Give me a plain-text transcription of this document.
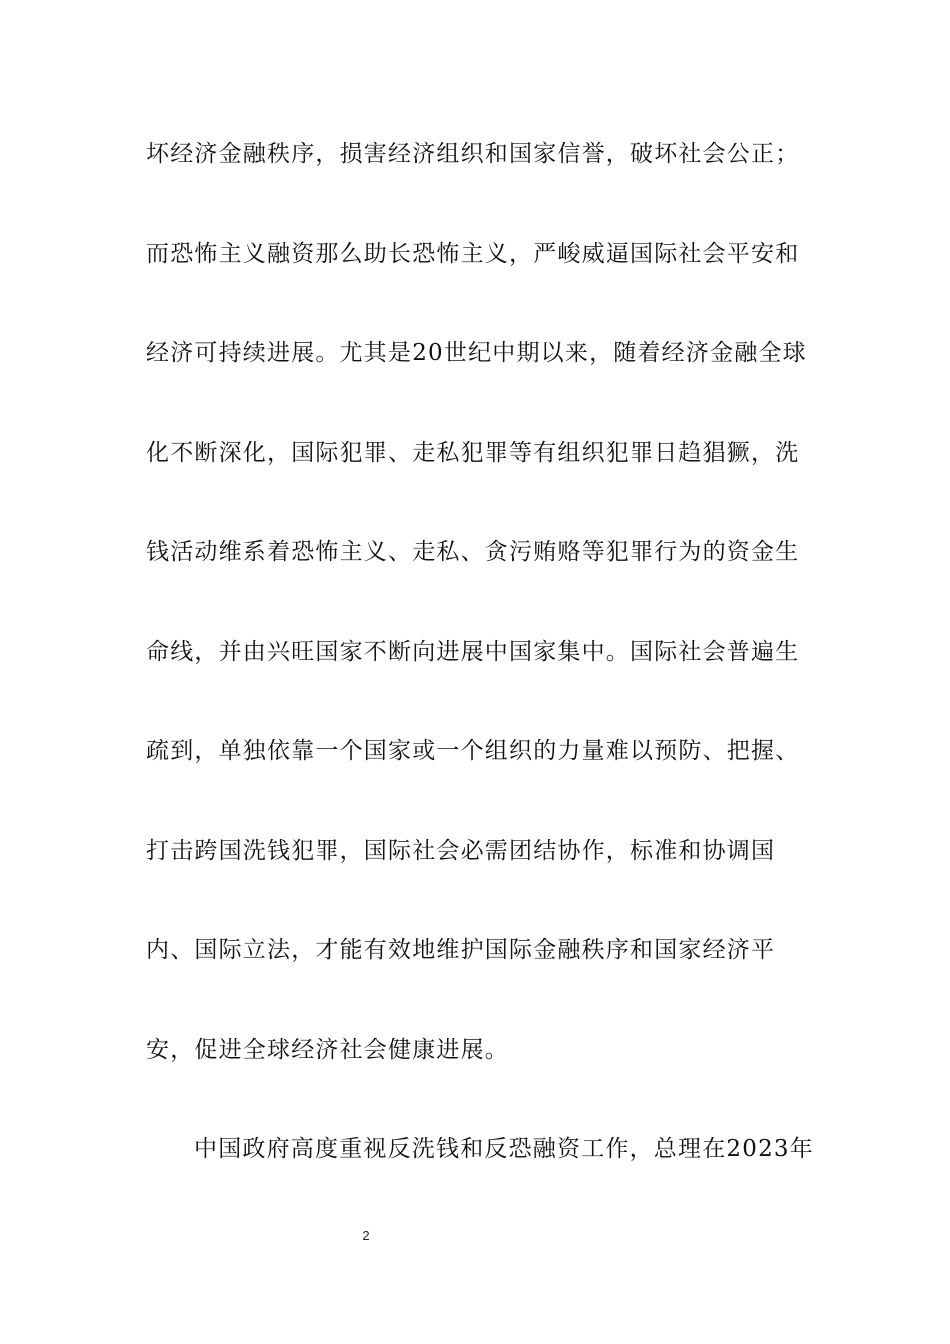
坏经济金融秩序，损害经济组织和国家信誉，破坏社会公正；
而恐怖主义融资那么助长恐怖主义，严峻威逼国际社会平安和
经济可持续进展。尤其是20世纪中期以来，随着经济金融全球
化不断深化，国际犯罪、走私犯罪等有组织犯罪日趋猖獗，洗
钱活动维系着恐怖主义、走私、贪污贿赂等犯罪行为的资金生
命线，并由兴旺国家不断向进展中国家集中。国际社会普遍生
疏到，单独依靠一个国家或一个组织的力量难以预防、把握、
打击跨国洗钱犯罪，国际社会必需团结协作，标准和协调国
内、国际立法，才能有效地维护国际金融秩序和国家经济平
安，促进全球经济社会健康进展。
中国政府高度重视反洗钱和反恐融资工作，总理在2023年
2
